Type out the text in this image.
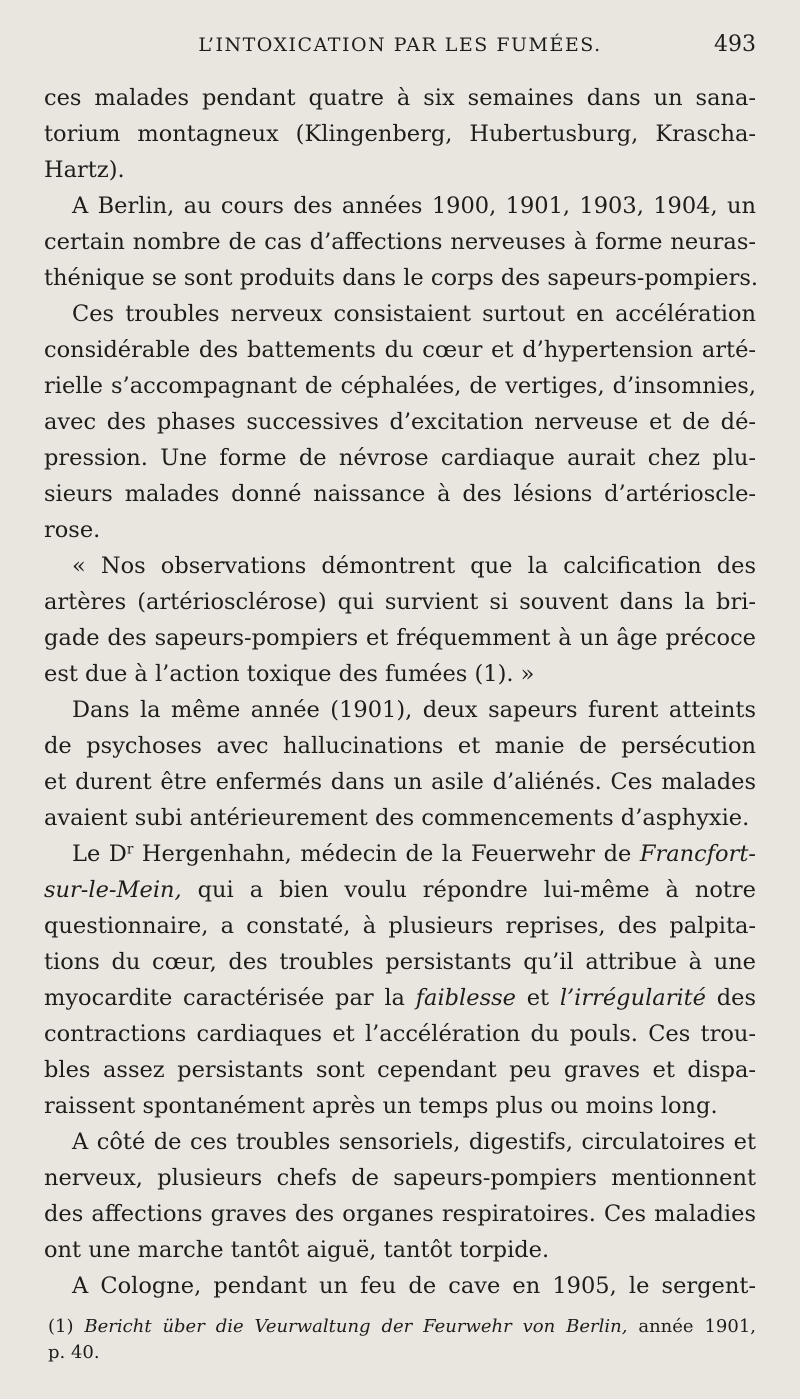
L’INTOXICATION PAR LES FUMÉES.	493
ces malades pendant quatre à six semaines dans un sana-
torium montagneux (Klingenberg, Hubertusburg, Krascha-
Hartz).
A Berlin, au cours des années 1900, 1901, 1903, 1904, un
certain nombre de cas d’affections nerveuses à forme neuras-
thénique se sont produits dans le corps des sapeurs-pompiers.
Ces troubles nerveux consistaient surtout en accélération
considérable des battements du cœur et d’hypertension arté-
rielle s’accompagnant de céphalées, de vertiges, d’insomnies,
avec des phases successives d’excitation nerveuse et de dé-
pression. Une forme de névrose cardiaque aurait chez plu-
sieurs malades donné naissance à des lésions d’artérioscle-
rose.
« Nos observations démontrent que la calcification des
artères (artériosclérose) qui survient si souvent dans la bri-
gade des sapeurs-pompiers et fréquemment à un âge précoce
est due à l’action toxique des fumées (1). »
Dans la même année (1901), deux sapeurs furent atteints
de psychoses avec hallucinations et manie de persécution
et durent être enfermés dans un asile d’aliénés. Ces malades
avaient subi antérieurement des commencements d’asphyxie.
Le $D^r$ Hergenhahn, médecin de la Feuerwehr de Francfort-
sur-le-Mein, qui a bien voulu répondre lui-même à notre
questionnaire, a constaté, à plusieurs reprises, des palpita-
tions du cœur, des troubles persistants qu’il attribue à une
myocardite caractérisée par la faiblesse et l’irrégularité des
contractions cardiaques et l’accélération du pouls. Ces trou-
bles assez persistants sont cependant peu graves et dispa-
raissent spontanément après un temps plus ou moins long.
A côté de ces troubles sensoriels, digestifs, circulatoires et
nerveux, plusieurs chefs de sapeurs-pompiers mentionnent
des affections graves des organes respiratoires. Ces maladies
ont une marche tantôt aiguë, tantôt torpide.
A Cologne, pendant un feu de cave en 1905, le sergent-
(1) Bericht über die Veurwaltung der Feurwehr von Berlin, année 1901,
p. 40.
